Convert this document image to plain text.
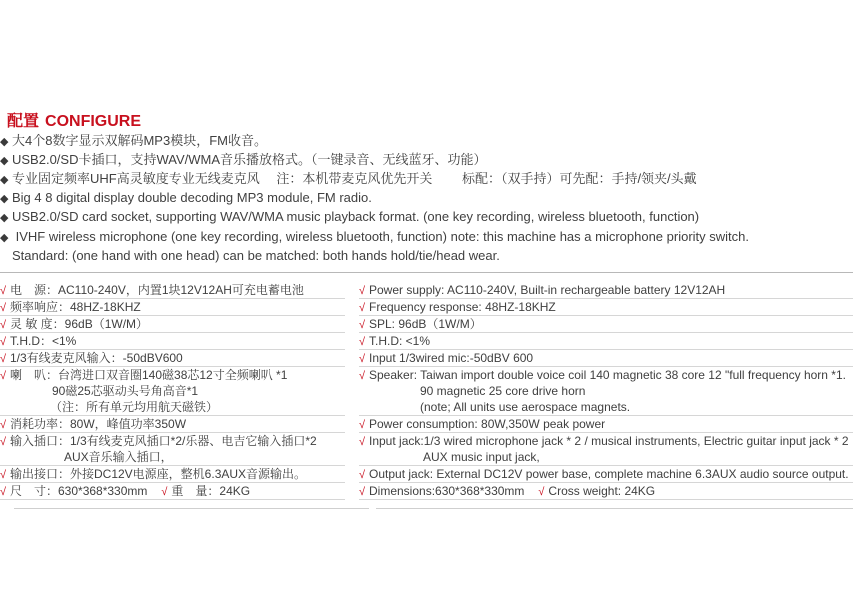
配置 CONFIGURE
◆ 大4个8数字显示双解码MP3模块，FM收音。
◆ USB2.0/SD卡插口，支持WAV/WMA音乐播放格式。（一键录音、无线蓝牙、功能）
◆ 专业固定频率UHF高灵敏度专业无线麦克风　 注：本机带麦克风优先开关　　 标配：（双手持）可先配：手持/领夹/头戴
◆ Big 4 8 digital display double decoding MP3 module, FM radio.
◆ USB2.0/SD card socket, supporting WAV/WMA music playback format. (one key recording, wireless bluetooth, function)
◆ IVHF wireless microphone (one key recording, wireless bluetooth, function) note: this machine has a microphone priority switch.
Standard: (one hand with one head) can be matched: both hands hold/tie/head wear.
√ 电　源：AC110-240V，内置1块12V12AH可充电蓄电池
√ 频率响应：48HZ-18KHZ
√ 灵 敏 度：96dB（1W/M）
√ T.H.D：<1%
√ 1/3有线麦克风输入：-50dBV600
√ 喇　叭：台湾进口双音圈140磁38芯12寸全频喇叭 *1
90磁25芯驱动头号角高音*1
（注：所有单元均用航天磁铁）
√ 消耗功率：80W，峰值功率350W
√ 输入插口：1/3有线麦克风插口*2/乐器、电吉它输入插口*2
AUX音乐输入插口，
√ 输出接口：外接DC12V电源座，整机6.3AUX音源输出。
√ 尺　寸：630*368*330mm √ 重　量：24KG
√ Power supply: AC110-240V, Built-in rechargeable battery 12V12AH
√ Frequency response: 48HZ-18KHZ
√ SPL: 96dB（1W/M）
√ T.H.D: <1%
√ Input 1/3wired mic:-50dBV 600
√ Speaker: Taiwan import double voice coil 140 magnetic 38 core 12 "full frequency horn *1.
90 magnetic 25 core drive horn
(note; All units use aerospace magnets.
√ Power consumption: 80W,350W peak power
√ Input jack:1/3 wired microphone jack * 2 / musical instruments, Electric guitar input jack * 2
AUX music input jack,
√ Output jack: External DC12V power base, complete machine 6.3AUX audio source output.
√ Dimensions:630*368*330mm √ Cross weight: 24KG
